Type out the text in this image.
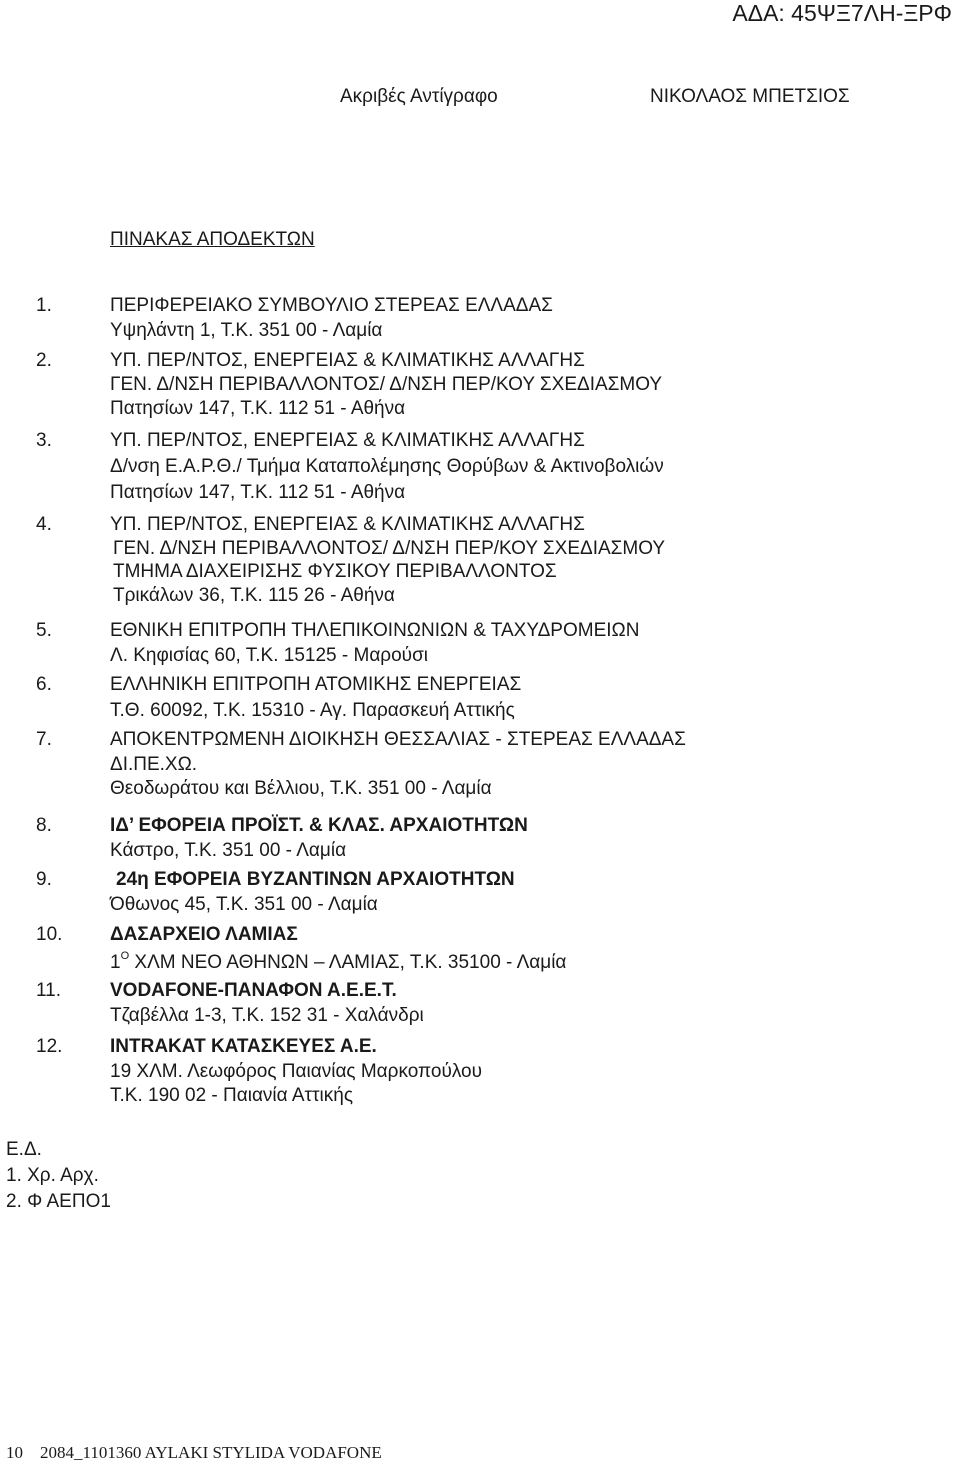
ΑΔΑ: 45ΨΞ7ΛΗ-ΞΡΦ
Ακριβές Αντίγραφο	ΝΙΚΟΛΑΟΣ ΜΠΕΤΣΙΟΣ
ΠΙΝΑΚΑΣ ΑΠΟΔΕΚΤΩΝ
1.	ΠΕΡΙΦΕΡΕΙΑΚΟ ΣΥΜΒΟΥΛΙΟ ΣΤΕΡΕΑΣ ΕΛΛΑΔΑΣ
Υψηλάντη 1, Τ.Κ. 351 00 - Λαμία
2.	ΥΠ. ΠΕΡ/ΝΤΟΣ, ΕΝΕΡΓΕΙΑΣ & ΚΛΙΜΑΤΙΚΗΣ ΑΛΛΑΓΗΣ
ΓΕΝ. Δ/ΝΣΗ ΠΕΡΙΒΑΛΛΟΝΤΟΣ/ Δ/ΝΣΗ ΠΕΡ/ΚΟΥ ΣΧΕΔΙΑΣΜΟΥ
Πατησίων 147, Τ.Κ. 112 51 - Αθήνα
3.	ΥΠ. ΠΕΡ/ΝΤΟΣ, ΕΝΕΡΓΕΙΑΣ & ΚΛΙΜΑΤΙΚΗΣ ΑΛΛΑΓΗΣ
Δ/νση Ε.Α.Ρ.Θ./ Τμήμα Καταπολέμησης Θορύβων & Ακτινοβολιών
Πατησίων 147, Τ.Κ. 112 51 - Αθήνα
4.	ΥΠ. ΠΕΡ/ΝΤΟΣ, ΕΝΕΡΓΕΙΑΣ & ΚΛΙΜΑΤΙΚΗΣ ΑΛΛΑΓΗΣ
ΓΕΝ. Δ/ΝΣΗ ΠΕΡΙΒΑΛΛΟΝΤΟΣ/ Δ/ΝΣΗ ΠΕΡ/ΚΟΥ ΣΧΕΔΙΑΣΜΟΥ
ΤΜΗΜΑ ΔΙΑΧΕΙΡΙΣΗΣ ΦΥΣΙΚΟΥ ΠΕΡΙΒΑΛΛΟΝΤΟΣ
Τρικάλων 36, Τ.Κ. 115 26 - Αθήνα
5.	ΕΘΝΙΚΗ ΕΠΙΤΡΟΠΗ ΤΗΛΕΠΙΚΟΙΝΩΝΙΩΝ & ΤΑΧΥΔΡΟΜΕΙΩΝ
Λ. Κηφισίας 60, Τ.Κ. 15125 - Μαρούσι
6.	ΕΛΛΗΝΙΚΗ ΕΠΙΤΡΟΠΗ ΑΤΟΜΙΚΗΣ ΕΝΕΡΓΕΙΑΣ
Τ.Θ. 60092, Τ.Κ. 15310 - Αγ. Παρασκευή Αττικής
7.	ΑΠΟΚΕΝΤΡΩΜΕΝΗ ΔΙΟΙΚΗΣΗ ΘΕΣΣΑΛΙΑΣ - ΣΤΕΡΕΑΣ ΕΛΛΑΔΑΣ
ΔΙ.ΠΕ.ΧΩ.
Θεοδωράτου και Βέλλιου, Τ.Κ. 351 00 - Λαμία
8.	ΙΔ’ ΕΦΟΡΕΙΑ ΠΡΟΪΣΤ. & ΚΛΑΣ. ΑΡΧΑΙΟΤΗΤΩΝ
Κάστρο, Τ.Κ. 351 00 - Λαμία
9.	24η ΕΦΟΡΕΙΑ ΒΥΖΑΝΤΙΝΩΝ ΑΡΧΑΙΟΤΗΤΩΝ
Όθωνος 45, Τ.Κ. 351 00 - Λαμία
10.	ΔΑΣΑΡΧΕΙΟ ΛΑΜΙΑΣ
$1^O$ ΧΛΜ ΝΕΟ ΑΘΗΝΩΝ – ΛΑΜΙΑΣ, Τ.Κ. 35100 - Λαμία
11.	VODAFONE-ΠΑΝΑΦΟΝ Α.Ε.Ε.Τ.
Τζαβέλλα 1-3, Τ.Κ. 152 31 - Χαλάνδρι
12.	INTRAKAT ΚΑΤΑΣΚΕΥΕΣ Α.Ε.
19 ΧΛΜ. Λεωφόρος Παιανίας Μαρκοπούλου
Τ.Κ. 190 02 - Παιανία Αττικής
Ε.Δ.
1. Χρ. Αρχ.
2. Φ ΑΕΠΟ1
10 2084_1101360 AYLAKI STYLIDA VODAFONE
